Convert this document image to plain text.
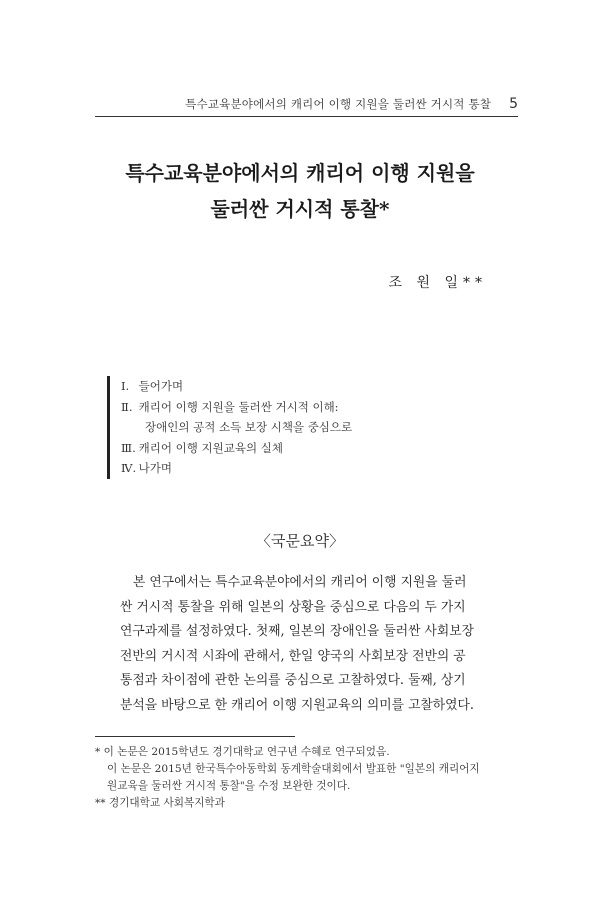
특수교육분야에서의 캐리어 이행 지원을 둘러싼 거시적 통찰 5
특수교육분야에서의 캐리어 이행 지원을
둘러싼 거시적 통찰*
조 원 일**
Ⅰ. 들어가며
Ⅱ. 캐리어 이행 지원을 둘러싼 거시적 이해:
장애인의 공적 소득 보장 시책을 중심으로
Ⅲ. 캐리어 이행 지원교육의 실체
Ⅳ. 나가며
〈국문요약〉
본 연구에서는 특수교육분야에서의 캐리어 이행 지원을 둘러
싼 거시적 통찰을 위해 일본의 상황을 중심으로 다음의 두 가지
연구과제를 설정하였다. 첫째, 일본의 장애인을 둘러싼 사회보장
전반의 거시적 시좌에 관해서, 한일 양국의 사회보장 전반의 공
통점과 차이점에 관한 논의를 중심으로 고찰하였다. 둘째, 상기
분석을 바탕으로 한 캐리어 이행 지원교육의 의미를 고찰하였다.
* 이 논문은 2015학년도 경기대학교 연구년 수혜로 연구되었음.
이 논문은 2015년 한국특수아동학회 동계학술대회에서 발표한 "일본의 캐리어지
원교육을 둘러싼 거시적 통찰"을 수정 보완한 것이다.
** 경기대학교 사회복지학과
